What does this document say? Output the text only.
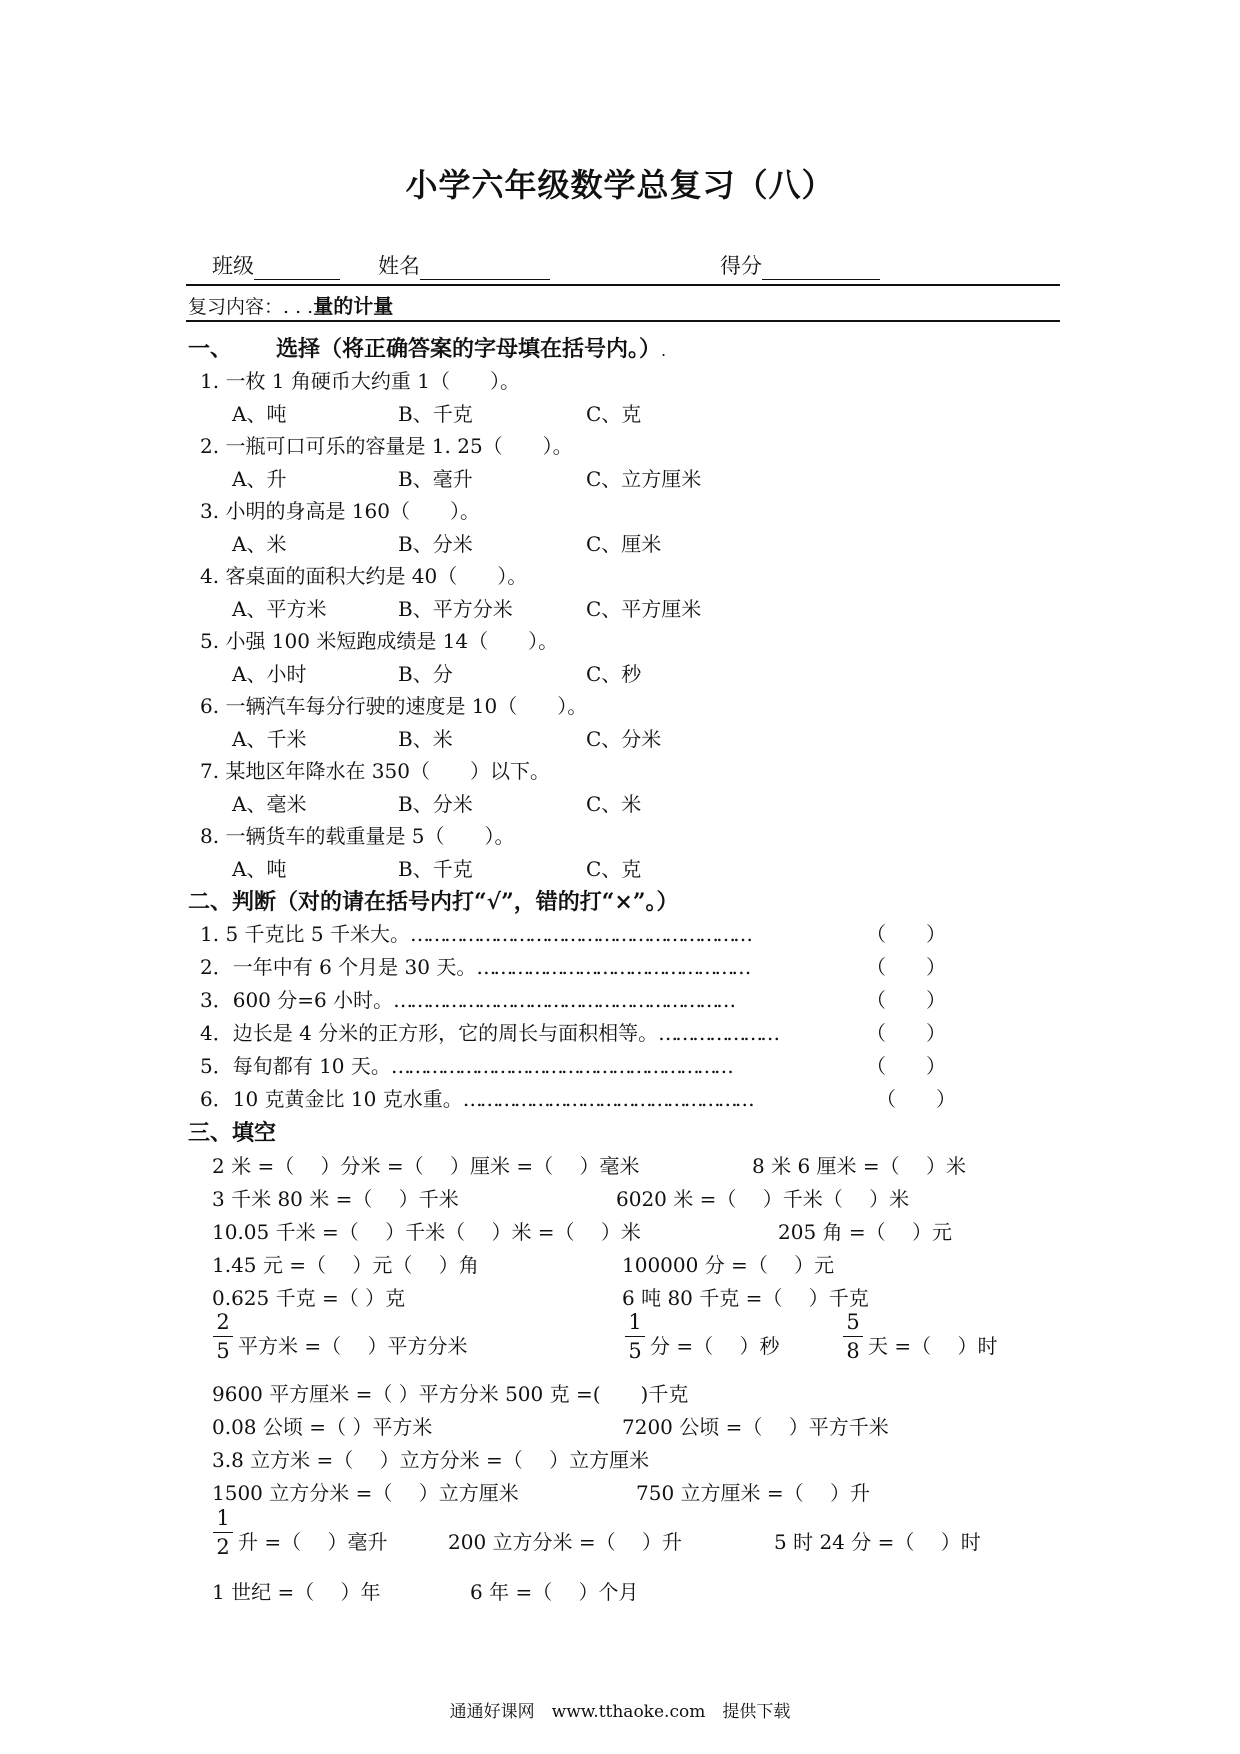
小学六年级数学总复习（八）
班级	姓名	得分
复习内容：. . .量的计量
一、 选择（将正确答案的字母填在括号内。）.
1. 一枚 1 角硬币大约重 1（　　）。
A、吨	B、千克	C、克
2. 一瓶可口可乐的容量是 1. 25（　　）。
A、升	B、毫升	C、立方厘米
3. 小明的身高是 160（　　）。
A、米	B、分米	C、厘米
4. 客桌面的面积大约是 40（　　）。
A、平方米	B、平方分米	C、平方厘米
5. 小强 100 米短跑成绩是 14（　　）。
A、小时	B、分	C、秒
6. 一辆汽车每分行驶的速度是 10（　　）。
A、千米	B、米	C、分米
7. 某地区年降水在 350（　　）以下。
A、毫米	B、分米	C、米
8. 一辆货车的载重量是 5（　　）。
A、吨	B、千克	C、克
二、判断（对的请在括号内打“√”，错的打“×”。）
1. 5 千克比 5 千米大。……………………………………………………	（　　）
2．一年中有 6 个月是 30 天。…………………………………………	（　　）
3．600 分=6 小时。……………………………………………………	（　　）
4．边长是 4 分米的正方形，它的周长与面积相等。…………………	（　　）
5．每旬都有 10 天。……………………………………………………	（　　）
6．10 克黄金比 10 克水重。……………………………………………	（　　）
三、填空
2 米 =（　 ）分米 =（　 ）厘米 =（　 ）毫米	8 米 6 厘米 =（　 ）米
3 千米 80 米 =（　 ）千米	6020 米 =（　 ）千米（　 ）米
10.05 千米 =（　 ）千米（　 ）米 =（　 ）米	205 角 =（　 ）元
1.45 元 =（　 ）元（　 ）角	100000 分 =（　 ）元
0.625 千克 =（ ）克	6 吨 80 千克 =（　 ）千克
2
5 平方米 =（　 ）平方分米
1
5 分 =（　 ）秒
5
8 天 =（　 ）时
9600 平方厘米 =（ ）平方分米 500 克 =(　　)千克
0.08 公顷 =（ ）平方米	7200 公顷 =（　 ）平方千米
3.8 立方米 =（　 ）立方分米 =（　 ）立方厘米
1500 立方分米 =（　 ）立方厘米	750 立方厘米 =（　 ）升
1
2 升 =（　 ）毫升	200 立方分米 =（　 ）升	5 时 24 分 =（　 ）时
1 世纪 =（　 ）年	6 年 =（　 ）个月
通通好课网　www.tthaoke.com　提供下载
